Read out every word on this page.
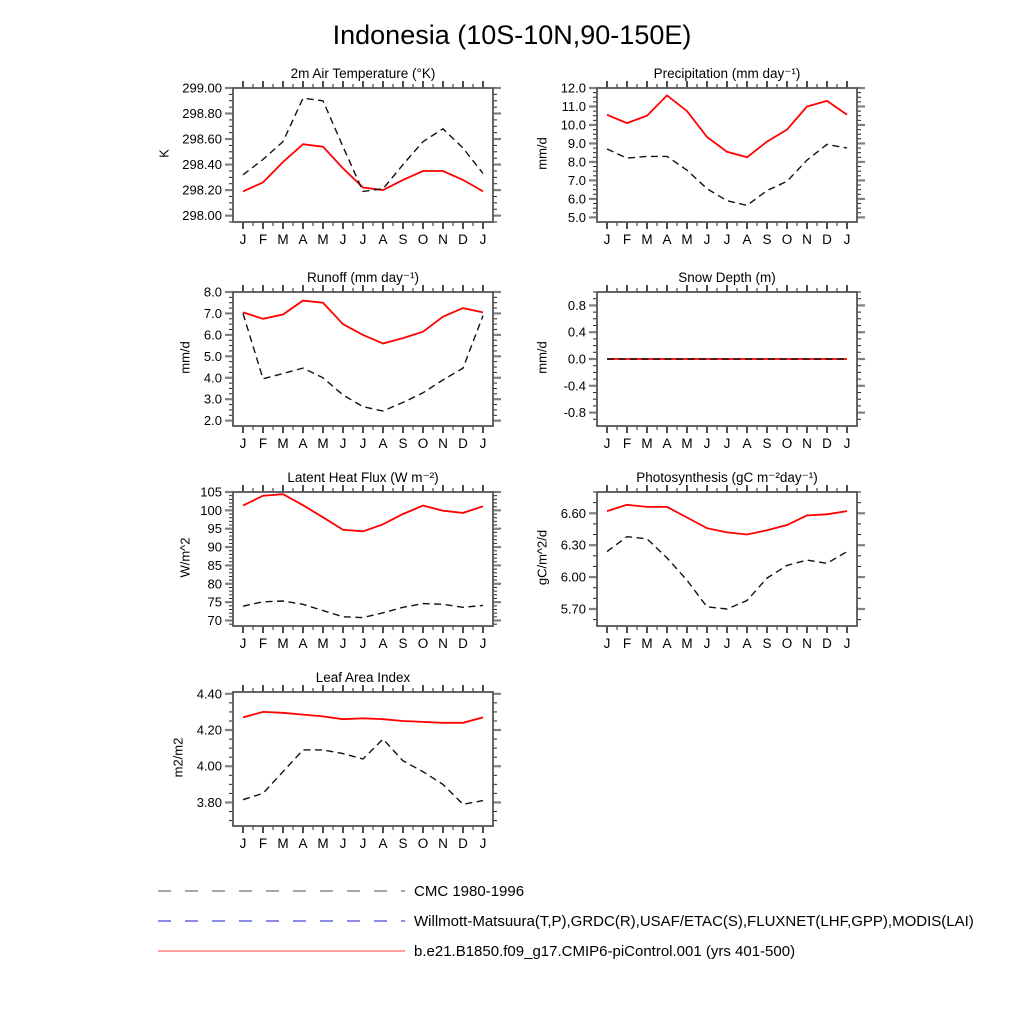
Indonesia (10S-10N,90-150E)
298.00
298.20
298.40
298.60
298.80
299.00
J F M A M J J A S O N D J
5.0
6.0
7.0
8.0
9.0
10.0
11.0
12.0
J F M A M J J A S O N D J
2.0
3.0
4.0
5.0
6.0
7.0
8.0
J F M A M J J A S O N D J
-0.8
-0.4
0.0
0.4
0.8
J F M A M J J A S O N D J
70
75
80
85
90
95
100
105
J F M A M J J A S O N D J
5.70
6.00
6.30
6.60
J F M A M J J A S O N D J
3.80
4.00
4.20
4.40
J F M A M J J A S O N D J
2m Air Temperature (°K)
K
Precipitation (mm day⁻¹)
mm/d
Runoff (mm day⁻¹)
mm/d
Snow Depth (m)
mm/d
Latent Heat Flux (W m⁻²)
W/m^2
Photosynthesis (gC m⁻²day⁻¹)
gC/m^2/d
Leaf Area Index
m2/m2
CMC 1980-1996
Willmott-Matsuura(T,P),GRDC(R),USAF/ETAC(S),FLUXNET(LHF,GPP),MODIS(LAI)
b.e21.B1850.f09_g17.CMIP6-piControl.001 (yrs 401-500)
